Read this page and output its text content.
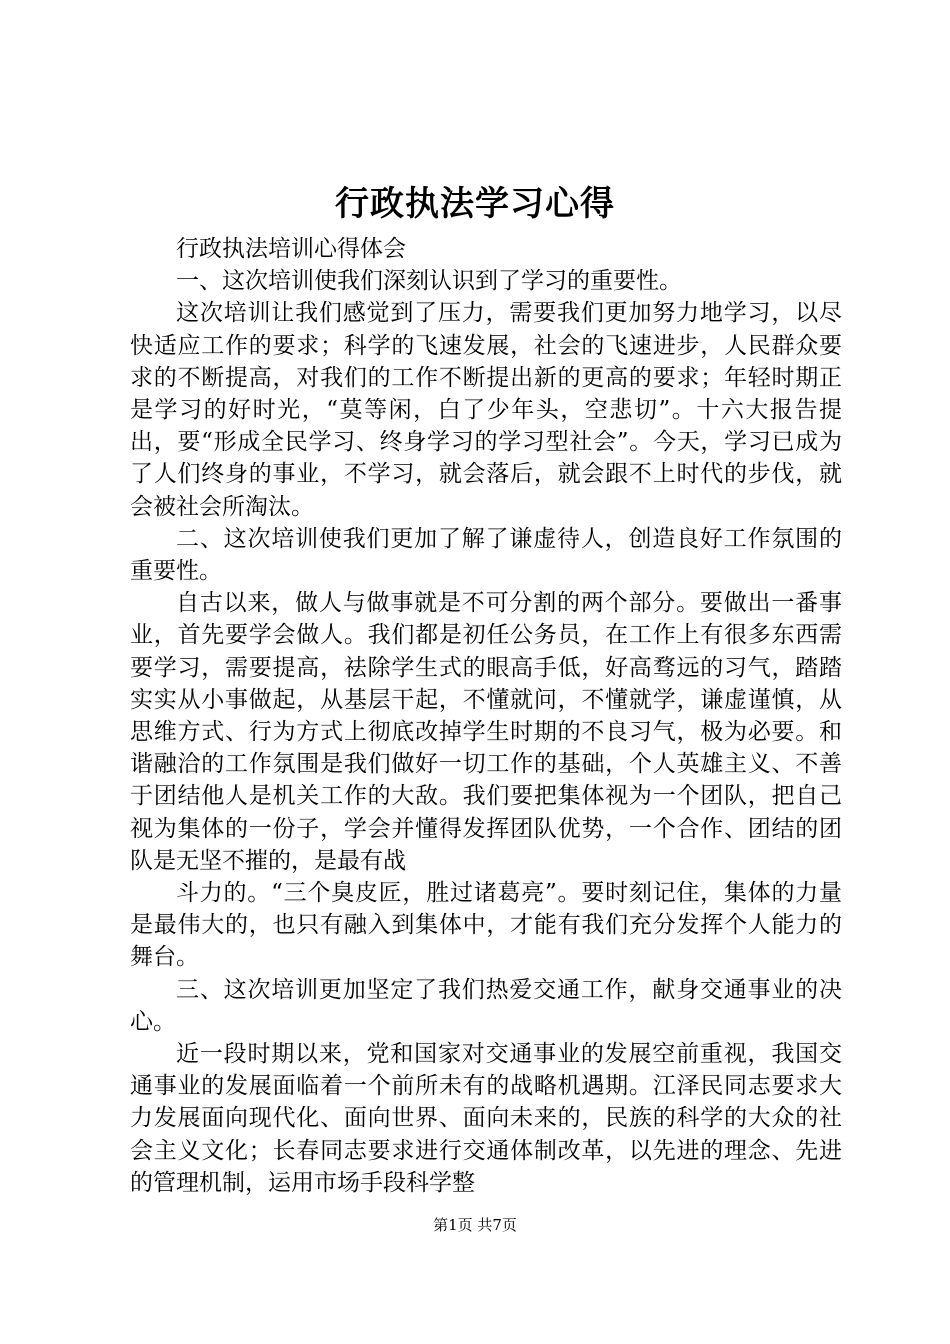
行政执法学习心得

行政执法培训心得体会

一、这次培训使我们深刻认识到了学习的重要性。

这次培训让我们感觉到了压力，需要我们更加努力地学习，以尽快适应工作的要求；科学的飞速发展，社会的飞速进步，人民群众要求的不断提高，对我们的工作不断提出新的更高的要求；年轻时期正是学习的好时光，“莫等闲，白了少年头，空悲切”。十六大报告提出，要“形成全民学习、终身学习的学习型社会”。今天，学习已成为了人们终身的事业，不学习，就会落后，就会跟不上时代的步伐，就会被社会所淘汰。

二、这次培训使我们更加了解了谦虚待人，创造良好工作氛围的重要性。

自古以来，做人与做事就是不可分割的两个部分。要做出一番事业，首先要学会做人。我们都是初任公务员，在工作上有很多东西需要学习，需要提高，祛除学生式的眼高手低，好高骛远的习气，踏踏实实从小事做起，从基层干起，不懂就问，不懂就学，谦虚谨慎，从思维方式、行为方式上彻底改掉学生时期的不良习气，极为必要。和谐融洽的工作氛围是我们做好一切工作的基础，个人英雄主义、不善于团结他人是机关工作的大敌。我们要把集体视为一个团队，把自己视为集体的一份子，学会并懂得发挥团队优势，一个合作、团结的团队是无坚不摧的，是最有战

斗力的。“三个臭皮匠，胜过诸葛亮”。要时刻记住，集体的力量是最伟大的，也只有融入到集体中，才能有我们充分发挥个人能力的舞台。

三、这次培训更加坚定了我们热爱交通工作，献身交通事业的决心。

近一段时期以来，党和国家对交通事业的发展空前重视，我国交通事业的发展面临着一个前所未有的战略机遇期。江泽民同志要求大力发展面向现代化、面向世界、面向未来的，民族的科学的大众的社会主义文化；长春同志要求进行交通体制改革，以先进的理念、先进的管理机制，运用市场手段科学整

第1页 共7页
